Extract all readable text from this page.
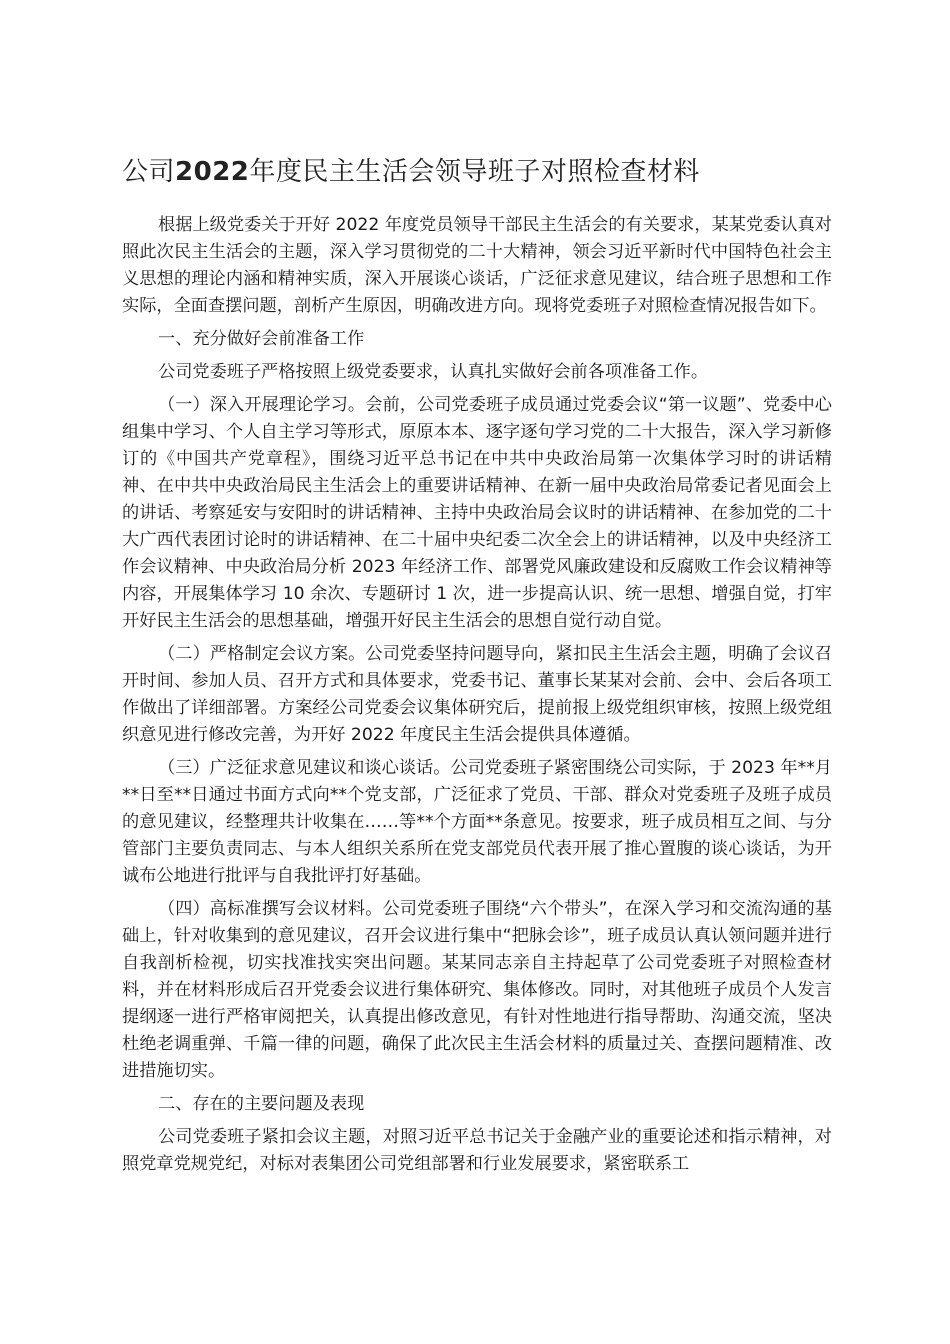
公司2022年度民主生活会领导班子对照检查材料

根据上级党委关于开好 2022 年度党员领导干部民主生活会的有关要求，某某党委认真对照此次民主生活会的主题，深入学习贯彻党的二十大精神，领会习近平新时代中国特色社会主义思想的理论内涵和精神实质，深入开展谈心谈话，广泛征求意见建议，结合班子思想和工作实际，全面查摆问题，剖析产生原因，明确改进方向。现将党委班子对照检查情况报告如下。

一、充分做好会前准备工作

公司党委班子严格按照上级党委要求，认真扎实做好会前各项准备工作。

（一）深入开展理论学习。会前，公司党委班子成员通过党委会议“第一议题”、党委中心组集中学习、个人自主学习等形式，原原本本、逐字逐句学习党的二十大报告，深入学习新修订的《中国共产党章程》，围绕习近平总书记在中共中央政治局第一次集体学习时的讲话精神、在中共中央政治局民主生活会上的重要讲话精神、在新一届中央政治局常委记者见面会上的讲话、考察延安与安阳时的讲话精神、主持中央政治局会议时的讲话精神、在参加党的二十大广西代表团讨论时的讲话精神、在二十届中央纪委二次全会上的讲话精神，以及中央经济工作会议精神、中央政治局分析 2023 年经济工作、部署党风廉政建设和反腐败工作会议精神等内容，开展集体学习 10 余次、专题研讨 1 次，进一步提高认识、统一思想、增强自觉，打牢开好民主生活会的思想基础，增强开好民主生活会的思想自觉行动自觉。

（二）严格制定会议方案。公司党委坚持问题导向，紧扣民主生活会主题，明确了会议召开时间、参加人员、召开方式和具体要求，党委书记、董事长某某对会前、会中、会后各项工作做出了详细部署。方案经公司党委会议集体研究后，提前报上级党组织审核，按照上级党组织意见进行修改完善，为开好 2022 年度民主生活会提供具体遵循。

（三）广泛征求意见建议和谈心谈话。公司党委班子紧密围绕公司实际，于 2023 年**月**日至**日通过书面方式向**个党支部，广泛征求了党员、干部、群众对党委班子及班子成员的意见建议，经整理共计收集在……等**个方面**条意见。按要求，班子成员相互之间、与分管部门主要负责同志、与本人组织关系所在党支部党员代表开展了推心置腹的谈心谈话，为开诚布公地进行批评与自我批评打好基础。

（四）高标准撰写会议材料。公司党委班子围绕“六个带头”，在深入学习和交流沟通的基础上，针对收集到的意见建议，召开会议进行集中“把脉会诊”，班子成员认真认领问题并进行自我剖析检视，切实找准找实突出问题。某某同志亲自主持起草了公司党委班子对照检查材料，并在材料形成后召开党委会议进行集体研究、集体修改。同时，对其他班子成员个人发言提纲逐一进行严格审阅把关，认真提出修改意见，有针对性地进行指导帮助、沟通交流，坚决杜绝老调重弹、千篇一律的问题，确保了此次民主生活会材料的质量过关、查摆问题精准、改进措施切实。

二、存在的主要问题及表现

公司党委班子紧扣会议主题，对照习近平总书记关于金融产业的重要论述和指示精神，对照党章党规党纪，对标对表集团公司党组部署和行业发展要求，紧密联系工
